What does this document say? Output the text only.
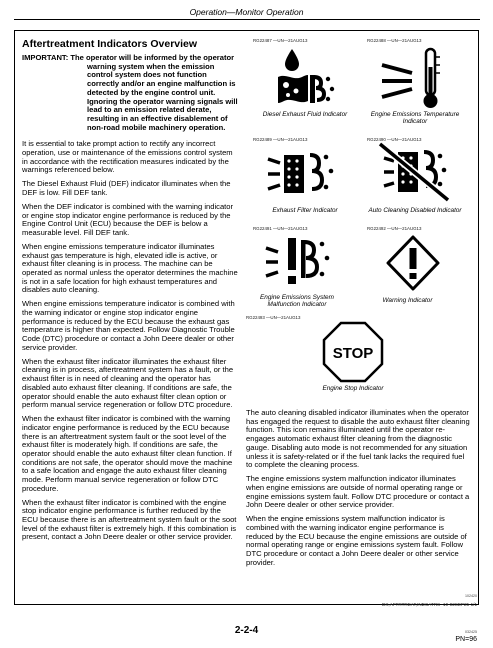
Operation—Monitor Operation
Aftertreatment Indicators Overview

IMPORTANT: The operator will be informed by the operator warning system when the emission control system does not function correctly and/or an engine malfunction is detected by the engine control unit. Ignoring the operator warning signals will lead to an emission related derate, resulting in an effective disablement of non-road mobile machinery operation.

It is essential to take prompt action to rectify any incorrect operation, use or maintenance of the emissions control system in accordance with the rectification measures indicated by the warnings referenced below.

The Diesel Exhaust Fluid (DEF) indicator illuminates when the DEF is low. Fill DEF tank.

When the DEF indicator is combined with the warning indicator or engine stop indicator engine performance is reduced by the Engine Control Unit (ECU) because the DEF is below a measurable level. Fill DEF tank.

When engine emissions temperature indicator illuminates exhaust gas temperature is high, elevated idle is active, or exhaust filter cleaning is in process. The machine can be operated as normal unless the operator determines the machine is not in a safe location for high exhaust temperatures and disables auto cleaning.

When engine emissions temperature indicator is combined with the warning indicator or engine stop indicator engine performance is reduced by the ECU because the exhaust gas temperature is higher than expected. Follow Diagnostic Trouble Code (DTC) procedure or contact a John Deere dealer or other service provider.

When the exhaust filter indicator illuminates the exhaust filter cleaning is in process, aftertreatment system has a fault, or the exhaust filter is in need of cleaning and the operator has disabled auto exhaust filter cleaning. If conditions are safe, the operator should enable the auto exhaust filter clean option or perform manual service regeneration or follow DTC procedure.

When the exhaust filter indicator is combined with the warning indicator engine performance is reduced by the ECU because there is an aftertreatment system fault or the soot level of the exhaust filter is moderately high. If conditions are safe, the operator should enable the auto exhaust filter clean function. If conditions are not safe, the operator should move the machine to a safe location and engage the auto exhaust filter cleaning mode. Perform manual service regeneration or follow DTC procedure.

When the exhaust filter indicator is combined with the engine stop indicator engine performance is further reduced by the ECU because there is an aftertreatment system fault or the soot level of the exhaust filter is extremely high. If this combination is present, contact a John Deere dealer or other service provider.

RG22487 —UN—21AUG13
Diesel Exhaust Fluid Indicator
RG22488 —UN—21AUG13
Engine Emissions Temperature Indicator
RG22489 —UN—21AUG13
Exhaust Filter Indicator
RG22490 —UN—21AUG13
Auto Cleaning Disabled Indicator
RG22491 —UN—21AUG13
Engine Emissions System Malfunction Indicator
RG22492 —UN—21AUG13
Warning Indicator
RG22493 —UN—21AUG13
STOP
Engine Stop Indicator

The auto cleaning disabled indicator illuminates when the operator has engaged the request to disable the auto exhaust filter cleaning function. This icon remains illuminated until the operator re-engages automatic exhaust filter cleaning from the diagnostic gauge. Disabling auto mode is not recommended for any situation unless it is safety-related or if the fuel tank lacks the required fuel to complete the cleaning process.

The engine emissions system malfunction indicator illuminates when engine emissions are outside of normal operating range or engine emissions system fault. Follow DTC procedure or contact a John Deere dealer or other service provider.

When the engine emissions system malfunction indicator is combined with the warning indicator engine performance is reduced by the ECU because the engine emissions are outside of normal operating range or engine emissions system fault. Follow DTC procedure or contact a John Deere dealer or other service provider.

102420
DX,AFTRTREAT,INDCATRS -19-02SEP25-1/1
2-2-4	032425
PN=96
